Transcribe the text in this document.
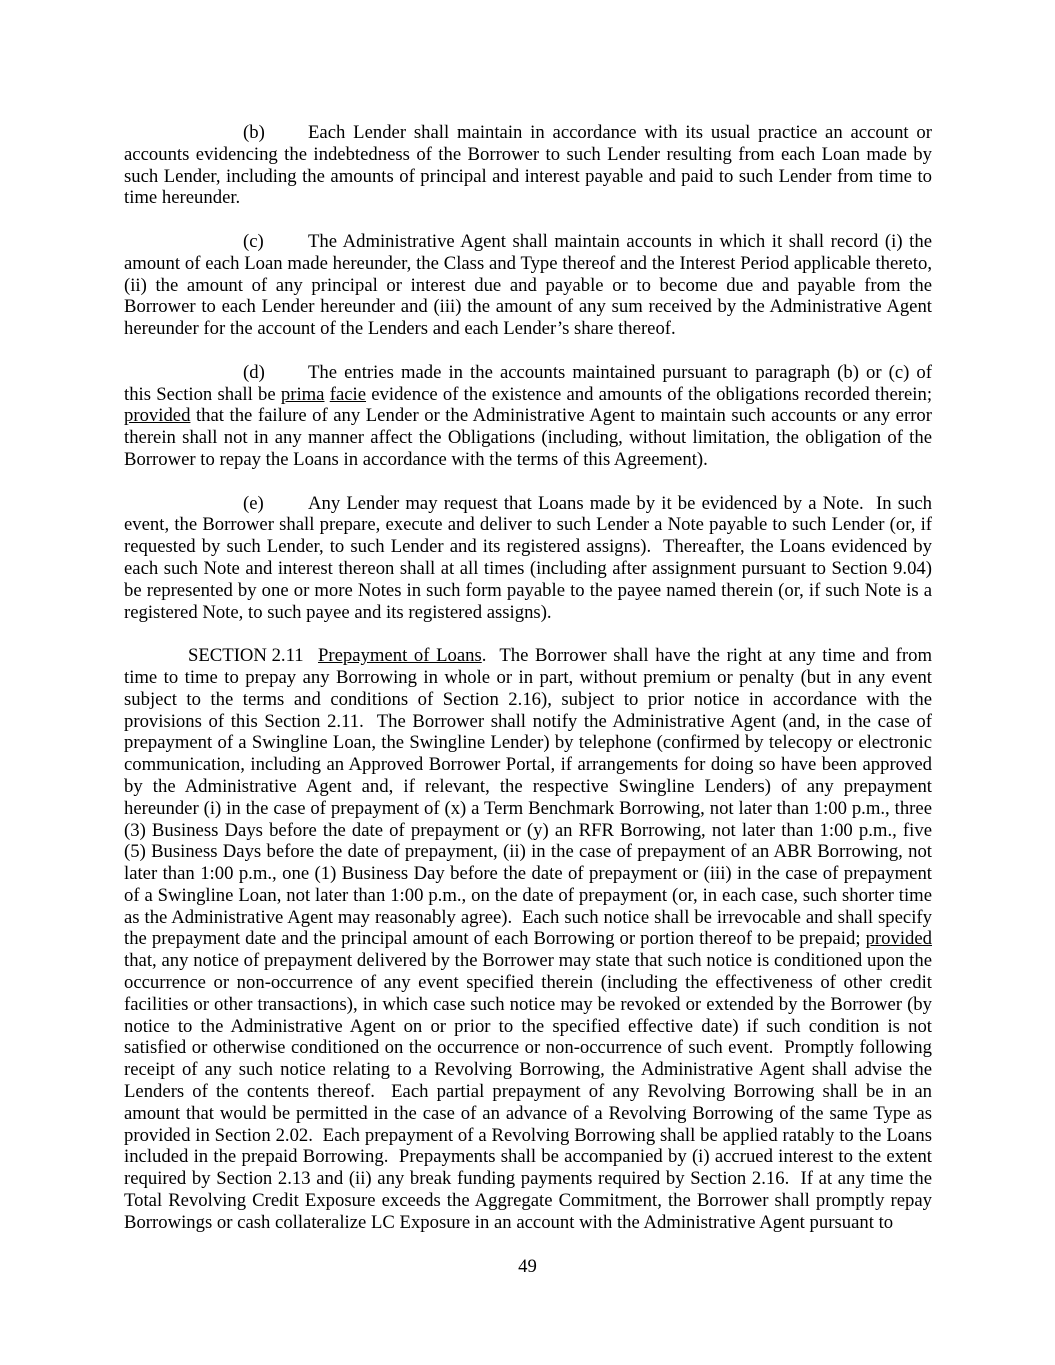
(b) Each Lender shall maintain in accordance with its usual practice an account or accounts evidencing the indebtedness of the Borrower to such Lender resulting from each Loan made by such Lender, including the amounts of principal and interest payable and paid to such Lender from time to time hereunder.

(c) The Administrative Agent shall maintain accounts in which it shall record (i) the amount of each Loan made hereunder, the Class and Type thereof and the Interest Period applicable thereto, (ii) the amount of any principal or interest due and payable or to become due and payable from the Borrower to each Lender hereunder and (iii) the amount of any sum received by the Administrative Agent hereunder for the account of the Lenders and each Lender’s share thereof.

(d) The entries made in the accounts maintained pursuant to paragraph (b) or (c) of this Section shall be prima facie evidence of the existence and amounts of the obligations recorded therein; provided that the failure of any Lender or the Administrative Agent to maintain such accounts or any error therein shall not in any manner affect the Obligations (including, without limitation, the obligation of the Borrower to repay the Loans in accordance with the terms of this Agreement).

(e) Any Lender may request that Loans made by it be evidenced by a Note.  In such event, the Borrower shall prepare, execute and deliver to such Lender a Note payable to such Lender (or, if requested by such Lender, to such Lender and its registered assigns).  Thereafter, the Loans evidenced by each such Note and interest thereon shall at all times (including after assignment pursuant to Section 9.04) be represented by one or more Notes in such form payable to the payee named therein (or, if such Note is a registered Note, to such payee and its registered assigns).

SECTION 2.11 Prepayment of Loans.  The Borrower shall have the right at any time and from time to time to prepay any Borrowing in whole or in part, without premium or penalty (but in any event subject to the terms and conditions of Section 2.16), subject to prior notice in accordance with the provisions of this Section 2.11.  The Borrower shall notify the Administrative Agent (and, in the case of prepayment of a Swingline Loan, the Swingline Lender) by telephone (confirmed by telecopy or electronic communication, including an Approved Borrower Portal, if arrangements for doing so have been approved by the Administrative Agent and, if relevant, the respective Swingline Lenders) of any prepayment hereunder (i) in the case of prepayment of (x) a Term Benchmark Borrowing, not later than 1:00 p.m., three (3) Business Days before the date of prepayment or (y) an RFR Borrowing, not later than 1:00 p.m., five (5) Business Days before the date of prepayment, (ii) in the case of prepayment of an ABR Borrowing, not later than 1:00 p.m., one (1) Business Day before the date of prepayment or (iii) in the case of prepayment of a Swingline Loan, not later than 1:00 p.m., on the date of prepayment (or, in each case, such shorter time as the Administrative Agent may reasonably agree).  Each such notice shall be irrevocable and shall specify the prepayment date and the principal amount of each Borrowing or portion thereof to be prepaid; provided that, any notice of prepayment delivered by the Borrower may state that such notice is conditioned upon the occurrence or non-occurrence of any event specified therein (including the effectiveness of other credit facilities or other transactions), in which case such notice may be revoked or extended by the Borrower (by notice to the Administrative Agent on or prior to the specified effective date) if such condition is not satisfied or otherwise conditioned on the occurrence or non-occurrence of such event.  Promptly following receipt of any such notice relating to a Revolving Borrowing, the Administrative Agent shall advise the Lenders of the contents thereof.  Each partial prepayment of any Revolving Borrowing shall be in an amount that would be permitted in the case of an advance of a Revolving Borrowing of the same Type as provided in Section 2.02.  Each prepayment of a Revolving Borrowing shall be applied ratably to the Loans included in the prepaid Borrowing.  Prepayments shall be accompanied by (i) accrued interest to the extent required by Section 2.13 and (ii) any break funding payments required by Section 2.16.  If at any time the Total Revolving Credit Exposure exceeds the Aggregate Commitment, the Borrower shall promptly repay Borrowings or cash collateralize LC Exposure in an account with the Administrative Agent pursuant to

49
